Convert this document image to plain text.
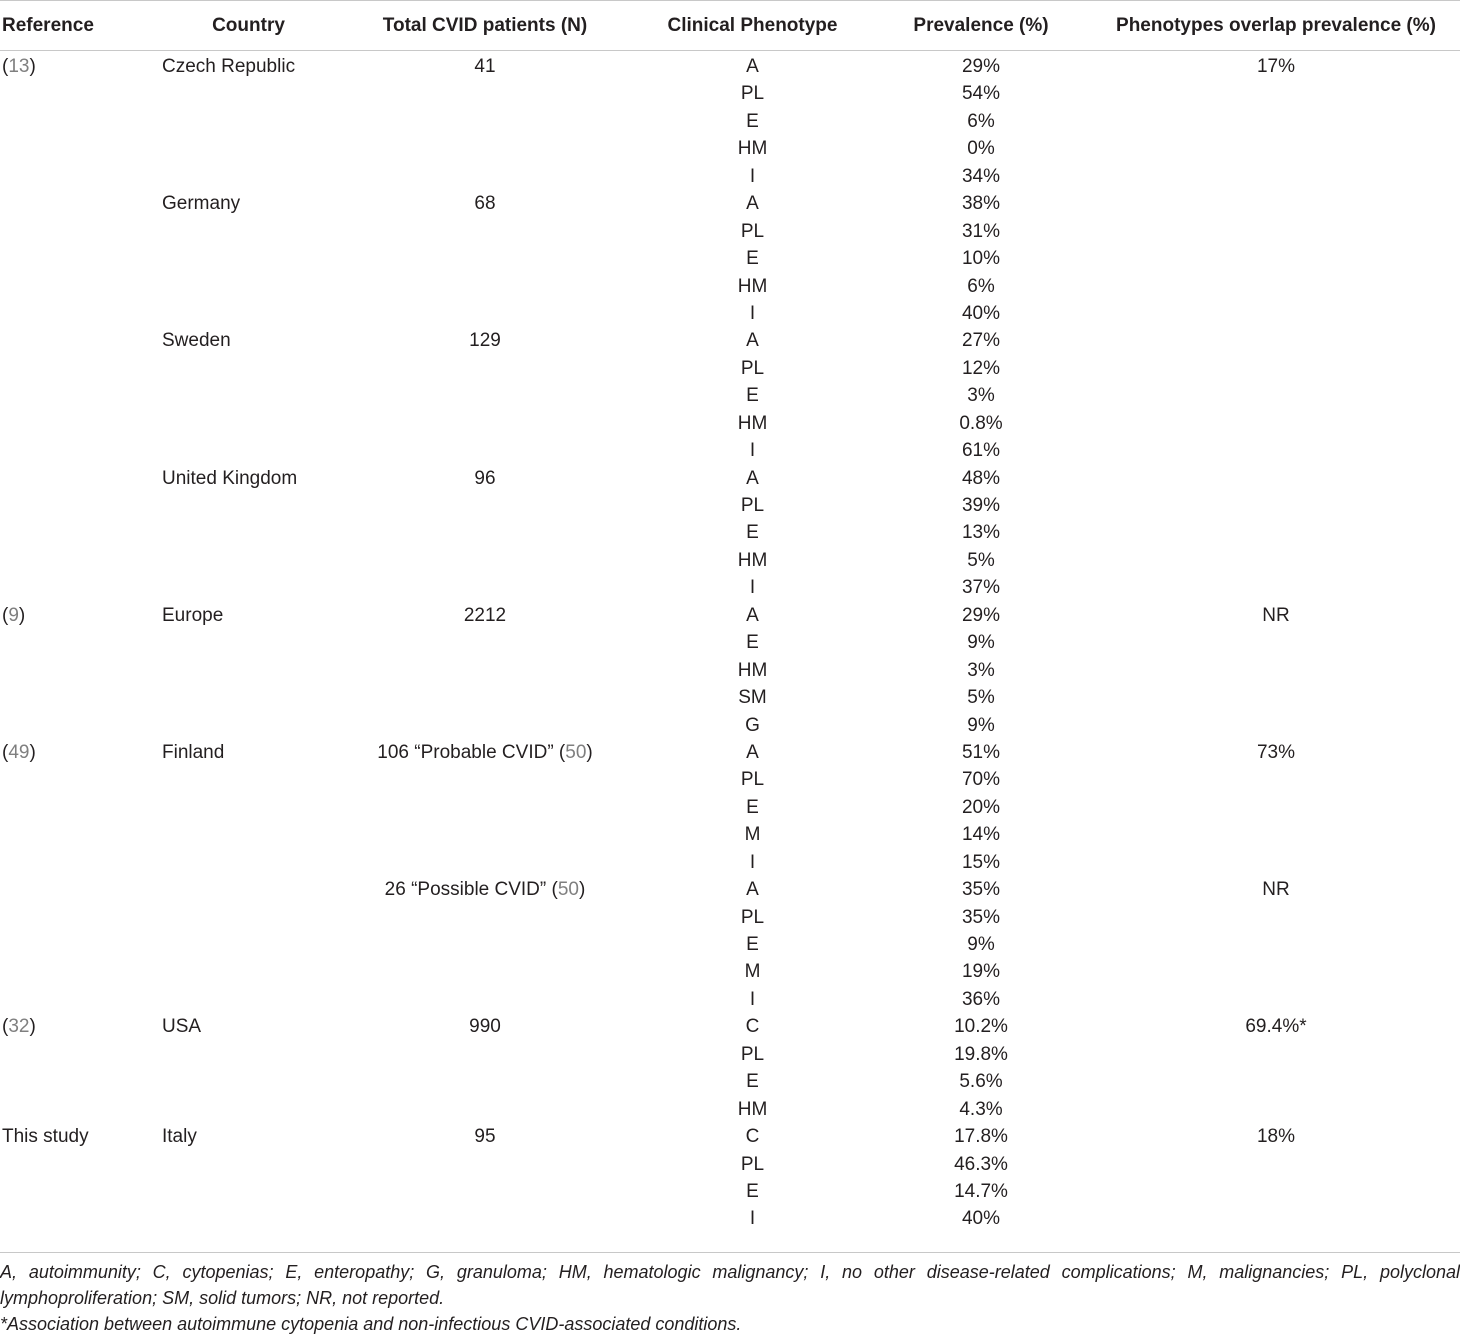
Reference	Country	Total CVID patients (N)	Clinical Phenotype	Prevalence (%)	Phenotypes overlap prevalence (%)
(13)	Czech Republic	41	A	29%	17%
			PL	54%	
			E	6%	
			HM	0%	
			I	34%	
	Germany	68	A	38%	
			PL	31%	
			E	10%	
			HM	6%	
			I	40%	
	Sweden	129	A	27%	
			PL	12%	
			E	3%	
			HM	0.8%	
			I	61%	
	United Kingdom	96	A	48%	
			PL	39%	
			E	13%	
			HM	5%	
			I	37%	
(9)	Europe	2212	A	29%	NR
			E	9%	
			HM	3%	
			SM	5%	
			G	9%	
(49)	Finland	106 “Probable CVID” (50)	A	51%	73%
			PL	70%	
			E	20%	
			M	14%	
			I	15%	
		26 “Possible CVID” (50)	A	35%	NR
			PL	35%	
			E	9%	
			M	19%	
			I	36%	
(32)	USA	990	C	10.2%	69.4%*
			PL	19.8%	
			E	5.6%	
			HM	4.3%	
This study	Italy	95	C	17.8%	18%
			PL	46.3%	
			E	14.7%	
			I	40%	

A, autoimmunity; C, cytopenias; E, enteropathy; G, granuloma; HM, hematologic malignancy; I, no other disease-related complications; M, malignancies; PL, polyclonal

lymphoproliferation; SM, solid tumors; NR, not reported.

*Association between autoimmune cytopenia and non-infectious CVID-associated conditions.
